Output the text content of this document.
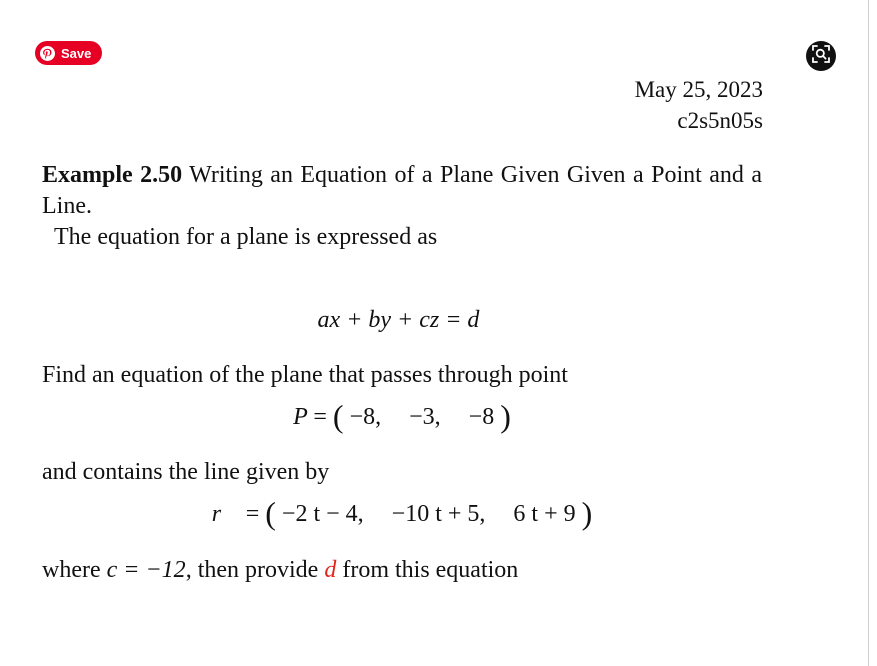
Save
May 25, 2023
c2s5n05s
Example 2.50 Writing an Equation of a Plane Given Given a Point and a Line.
The equation for a plane is expressed as
ax + by + cz = d
Find an equation of the plane that passes through point
P = ( −8, −3, −8 )
and contains the line given by
r⃗ = ( −2 t − 4, −10 t + 5, 6 t + 9 )
where c = −12, then provide d from this equation
